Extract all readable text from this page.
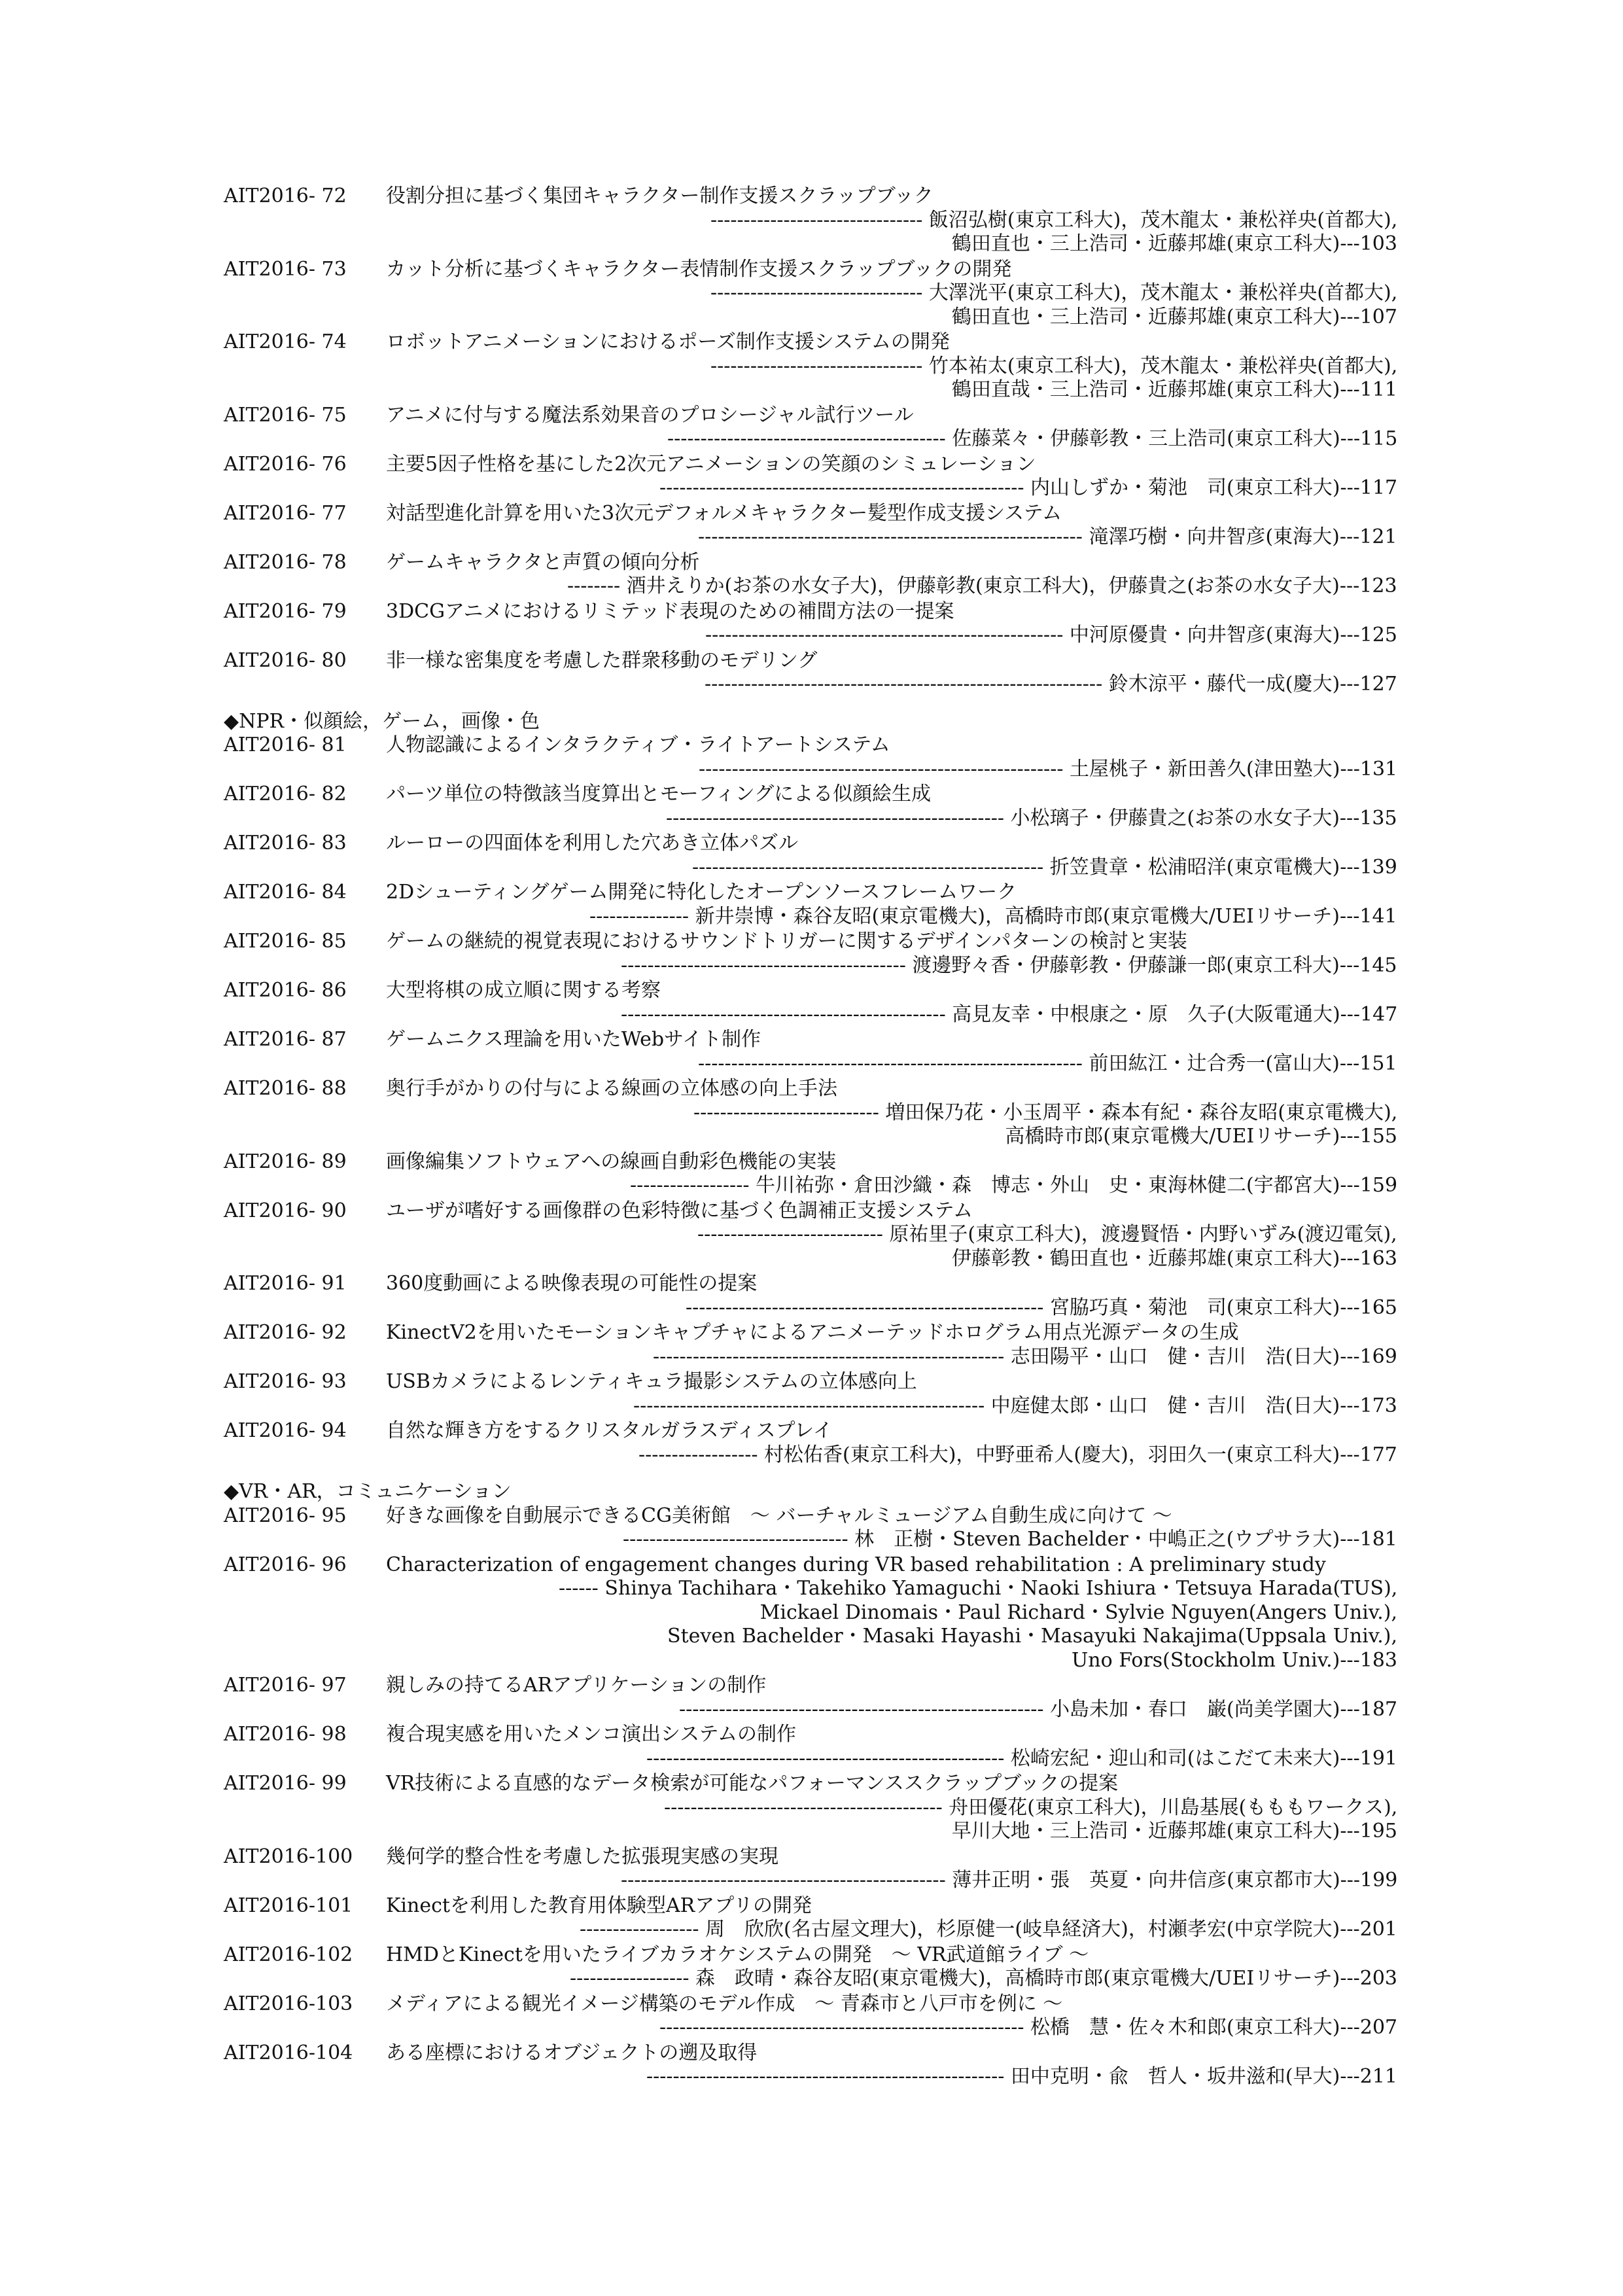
AIT2016- 72 役割分担に基づく集団キャラクター制作支援スクラップブック
-------------------------------- 飯沼弘樹(東京工科大)，茂木龍太・兼松祥央(首都大),
鶴田直也・三上浩司・近藤邦雄(東京工科大)---103
AIT2016- 73 カット分析に基づくキャラクター表情制作支援スクラップブックの開発
-------------------------------- 大澤洸平(東京工科大)，茂木龍太・兼松祥央(首都大),
鶴田直也・三上浩司・近藤邦雄(東京工科大)---107
AIT2016- 74 ロボットアニメーションにおけるポーズ制作支援システムの開発
-------------------------------- 竹本祐太(東京工科大)，茂木龍太・兼松祥央(首都大),
鶴田直哉・三上浩司・近藤邦雄(東京工科大)---111
AIT2016- 75 アニメに付与する魔法系効果音のプロシージャル試行ツール
------------------------------------------ 佐藤菜々・伊藤彰教・三上浩司(東京工科大)---115
AIT2016- 76 主要5因子性格を基にした2次元アニメーションの笑顔のシミュレーション
------------------------------------------------------- 内山しずか・菊池　司(東京工科大)---117
AIT2016- 77 対話型進化計算を用いた3次元デフォルメキャラクター髪型作成支援システム
---------------------------------------------------------- 滝澤巧樹・向井智彦(東海大)---121
AIT2016- 78 ゲームキャラクタと声質の傾向分析
-------- 酒井えりか(お茶の水女子大)，伊藤彰教(東京工科大)，伊藤貴之(お茶の水女子大)---123
AIT2016- 79 3DCGアニメにおけるリミテッド表現のための補間方法の一提案
------------------------------------------------------ 中河原優貴・向井智彦(東海大)---125
AIT2016- 80 非一様な密集度を考慮した群衆移動のモデリング
------------------------------------------------------------ 鈴木涼平・藤代一成(慶大)---127
◆NPR・似顔絵，ゲーム，画像・色
AIT2016- 81 人物認識によるインタラクティブ・ライトアートシステム
------------------------------------------------------- 土屋桃子・新田善久(津田塾大)---131
AIT2016- 82 パーツ単位の特徴該当度算出とモーフィングによる似顔絵生成
--------------------------------------------------- 小松璃子・伊藤貴之(お茶の水女子大)---135
AIT2016- 83 ルーローの四面体を利用した穴あき立体パズル
----------------------------------------------------- 折笠貴章・松浦昭洋(東京電機大)---139
AIT2016- 84 2Dシューティングゲーム開発に特化したオープンソースフレームワーク
--------------- 新井崇博・森谷友昭(東京電機大)，高橋時市郎(東京電機大/UEIリサーチ)---141
AIT2016- 85 ゲームの継続的視覚表現におけるサウンドトリガーに関するデザインパターンの検討と実装
------------------------------------------- 渡邊野々香・伊藤彰教・伊藤謙一郎(東京工科大)---145
AIT2016- 86 大型将棋の成立順に関する考察
------------------------------------------------- 高見友幸・中根康之・原　久子(大阪電通大)---147
AIT2016- 87 ゲームニクス理論を用いたWebサイト制作
---------------------------------------------------------- 前田紘江・辻合秀一(富山大)---151
AIT2016- 88 奥行手がかりの付与による線画の立体感の向上手法
---------------------------- 増田保乃花・小玉周平・森本有紀・森谷友昭(東京電機大),
高橋時市郎(東京電機大/UEIリサーチ)---155
AIT2016- 89 画像編集ソフトウェアへの線画自動彩色機能の実装
------------------ 牛川祐弥・倉田沙織・森　博志・外山　史・東海林健二(宇都宮大)---159
AIT2016- 90 ユーザが嗜好する画像群の色彩特徴に基づく色調補正支援システム
---------------------------- 原祐里子(東京工科大)，渡邊賢悟・内野いずみ(渡辺電気),
伊藤彰教・鶴田直也・近藤邦雄(東京工科大)---163
AIT2016- 91 360度動画による映像表現の可能性の提案
------------------------------------------------------ 宮脇巧真・菊池　司(東京工科大)---165
AIT2016- 92 KinectV2を用いたモーションキャプチャによるアニメーテッドホログラム用点光源データの生成
----------------------------------------------------- 志田陽平・山口　健・吉川　浩(日大)---169
AIT2016- 93 USBカメラによるレンティキュラ撮影システムの立体感向上
----------------------------------------------------- 中庭健太郎・山口　健・吉川　浩(日大)---173
AIT2016- 94 自然な輝き方をするクリスタルガラスディスプレイ
------------------ 村松佑香(東京工科大)，中野亜希人(慶大)，羽田久一(東京工科大)---177
◆VR・AR，コミュニケーション
AIT2016- 95 好きな画像を自動展示できるCG美術館　～ バーチャルミュージアム自動生成に向けて ～
---------------------------------- 林　正樹・Steven Bachelder・中嶋正之(ウプサラ大)---181
AIT2016- 96 Characterization of engagement changes during VR based rehabilitation : A preliminary study
------ Shinya Tachihara・Takehiko Yamaguchi・Naoki Ishiura・Tetsuya Harada(TUS),
Mickael Dinomais・Paul Richard・Sylvie Nguyen(Angers Univ.),
Steven Bachelder・Masaki Hayashi・Masayuki Nakajima(Uppsala Univ.),
Uno Fors(Stockholm Univ.)---183
AIT2016- 97 親しみの持てるARアプリケーションの制作
------------------------------------------------------- 小島未加・春口　巌(尚美学園大)---187
AIT2016- 98 複合現実感を用いたメンコ演出システムの制作
------------------------------------------------------ 松崎宏紀・迎山和司(はこだて未来大)---191
AIT2016- 99 VR技術による直感的なデータ検索が可能なパフォーマンススクラップブックの提案
------------------------------------------ 舟田優花(東京工科大)，川島基展(もももワークス),
早川大地・三上浩司・近藤邦雄(東京工科大)---195
AIT2016-100 幾何学的整合性を考慮した拡張現実感の実現
------------------------------------------------- 薄井正明・張　英夏・向井信彦(東京都市大)---199
AIT2016-101 Kinectを利用した教育用体験型ARアプリの開発
------------------ 周　欣欣(名古屋文理大)，杉原健一(岐阜経済大)，村瀬孝宏(中京学院大)---201
AIT2016-102 HMDとKinectを用いたライブカラオケシステムの開発　～ VR武道館ライブ ～
------------------ 森　政晴・森谷友昭(東京電機大)，高橋時市郎(東京電機大/UEIリサーチ)---203
AIT2016-103 メディアによる観光イメージ構築のモデル作成　～ 青森市と八戸市を例に ～
------------------------------------------------------- 松橋　慧・佐々木和郎(東京工科大)---207
AIT2016-104 ある座標におけるオブジェクトの遡及取得
------------------------------------------------------ 田中克明・兪　哲人・坂井滋和(早大)---211
